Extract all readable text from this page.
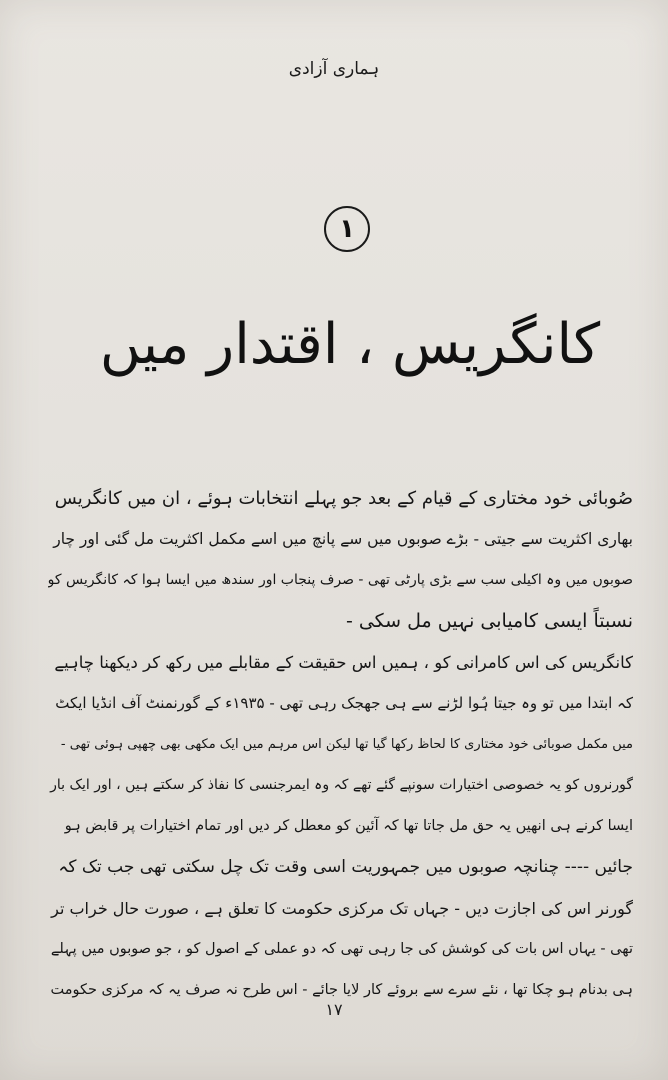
ہماری آزادی
۱
کانگریس ، اقتدار میں
صُوبائی خود مختاری کے قیام کے بعد جو پہلے انتخابات ہوئے ، ان میں کانگریس
بھاری اکثریت سے جیتی - بڑے صوبوں میں سے پانچ میں اسے مکمل اکثریت مل گئی اور چار
صوبوں میں وہ اکیلی سب سے بڑی پارٹی تھی - صرف پنجاب اور سندھ میں ایسا ہوا کہ کانگریس کو
نسبتاً ایسی کامیابی نہیں مل سکی -
کانگریس کی اس کامرانی کو ، ہمیں اس حقیقت کے مقابلے میں رکھ کر دیکھنا چاہیے
کہ ابتدا میں تو وہ جیتا ہُوا لڑنے سے ہی جھجک رہی تھی - ۱۹۳۵ء کے گورنمنٹ آف انڈیا ایکٹ
میں مکمل صوبائی خود مختاری کا لحاظ رکھا گیا تھا لیکن اس مرہم میں ایک مکھی بھی چھپی ہوئی تھی -
گورنروں کو یہ خصوصی اختیارات سونپے گئے تھے کہ وہ ایمرجنسی کا نفاذ کر سکتے ہیں ، اور ایک بار
ایسا کرنے ہی انھیں یہ حق مل جاتا تھا کہ آئین کو معطل کر دیں اور تمام اختیارات پر قابض ہو
جائیں ---- چنانچہ صوبوں میں جمہوریت اسی وقت تک چل سکتی تھی جب تک کہ
گورنر اس کی اجازت دیں - جہاں تک مرکزی حکومت کا تعلق ہے ، صورت حال خراب تر
تھی - یہاں اس بات کی کوشش کی جا رہی تھی کہ دو عملی کے اصول کو ، جو صوبوں میں پہلے
ہی بدنام ہو چکا تھا ، نئے سرے سے بروئے کار لایا جائے - اس طرح نہ صرف یہ کہ مرکزی حکومت
۱۷
